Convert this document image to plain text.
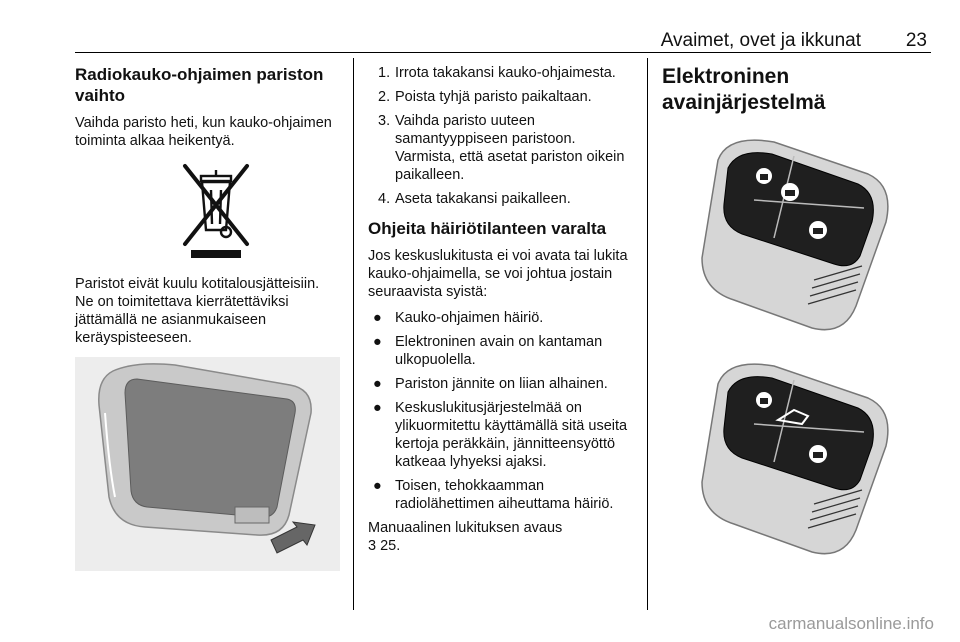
Avaimet, ovet ja ikkunat 23
Radiokauko-ohjaimen pariston vaihto

Vaihda paristo heti, kun kauko-ohjaimen toiminta alkaa heikentyä.

Paristot eivät kuulu kotitalousjätteisiin. Ne on toimitettava kierrätettäviksi jättämällä ne asianmukaiseen keräyspisteeseen.

1. Irrota takakansi kauko-ohjaimesta.
2. Poista tyhjä paristo paikaltaan.
3. Vaihda paristo uuteen samantyyppiseen paristoon. Varmista, että asetat pariston oikein paikalleen.
4. Aseta takakansi paikalleen.
Ohjeita häiriötilanteen varalta

Jos keskuslukitusta ei voi avata tai lukita kauko-ohjaimella, se voi johtua jostain seuraavista syistä:

● Kauko-ohjaimen häiriö.
● Elektroninen avain on kantaman ulkopuolella.
● Pariston jännite on liian alhainen.
● Keskuslukitusjärjestelmää on ylikuormitettu käyttämällä sitä useita kertoja peräkkäin, jännitteensyöttö katkeaa lyhyeksi ajaksi.
● Toisen, tehokkaamman radiolähettimen aiheuttama häiriö.

Manuaalinen lukituksen avaus

3 25.

Elektroninen avainjärjestelmä
carmanualsonline.info
